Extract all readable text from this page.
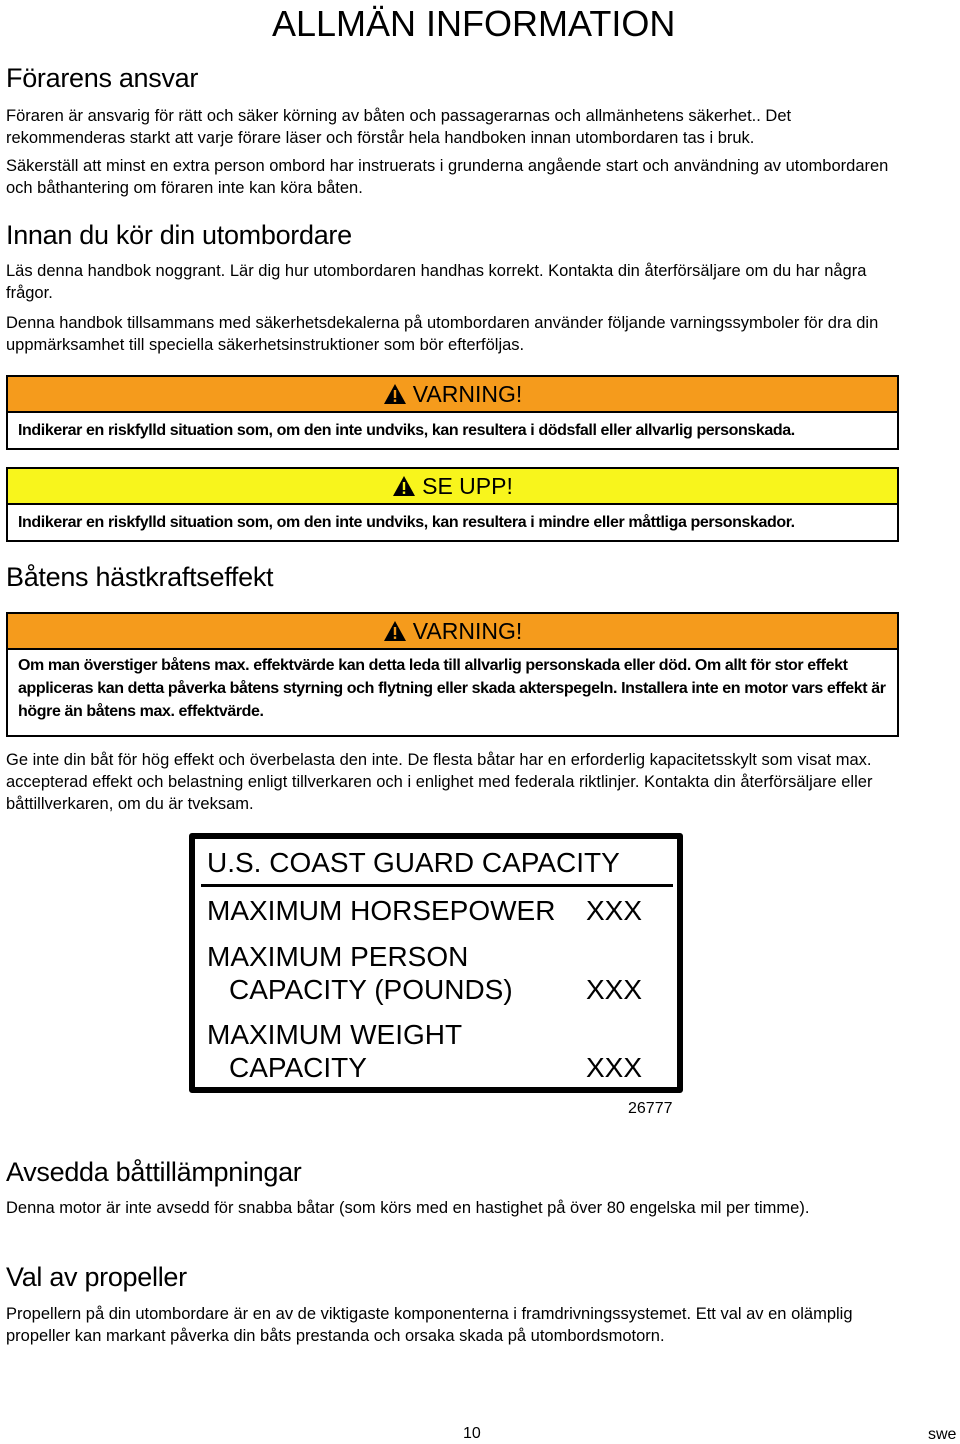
ALLMÄN INFORMATION
Förarens ansvar
Föraren är ansvarig för rätt och säker körning av båten och passagerarnas och allmänhetens säkerhet.. Det rekommenderas starkt att varje förare läser och förstår hela handboken innan utombordaren tas i bruk.
Säkerställ att minst en extra person ombord har instruerats i grunderna angående start och användning av utombordaren och båthantering om föraren inte kan köra båten.
Innan du kör din utombordare
Läs denna handbok noggrant. Lär dig hur utombordaren handhas korrekt. Kontakta din återförsäljare om du har några frågor.
Denna handbok tillsammans med säkerhetsdekalerna på utombordaren använder följande varningssymboler för dra din uppmärksamhet till speciella säkerhetsinstruktioner som bör efterföljas.
VARNING!
Indikerar en riskfylld situation som, om den inte undviks, kan resultera i dödsfall eller allvarlig personskada.
SE UPP!
Indikerar en riskfylld situation som, om den inte undviks, kan resultera i mindre eller måttliga personskador.
Båtens hästkraftseffekt
VARNING!
Om man överstiger båtens max. effektvärde kan detta leda till allvarlig personskada eller död. Om allt för stor effekt appliceras kan detta påverka båtens styrning och flytning eller skada akterspegeln. Installera inte en motor vars effekt är högre än båtens max. effektvärde.
Ge inte din båt för hög effekt och överbelasta den inte. De flesta båtar har en erforderlig kapacitetsskylt som visat max. accepterad effekt och belastning enligt tillverkaren och i enlighet med federala riktlinjer. Kontakta din återförsäljare eller båttillverkaren, om du är tveksam.
U.S. COAST GUARD CAPACITY
MAXIMUM HORSEPOWER XXX
MAXIMUM PERSON
CAPACITY (POUNDS)	XXX
MAXIMUM WEIGHT
CAPACITY	XXX
26777
Avsedda båttillämpningar
Denna motor är inte avsedd för snabba båtar (som körs med en hastighet på över 80 engelska mil per timme).
Val av propeller
Propellern på din utombordare är en av de viktigaste komponenterna i framdrivningssystemet. Ett val av en olämplig propeller kan markant påverka din båts prestanda och orsaka skada på utombordsmotorn.
10	swe
